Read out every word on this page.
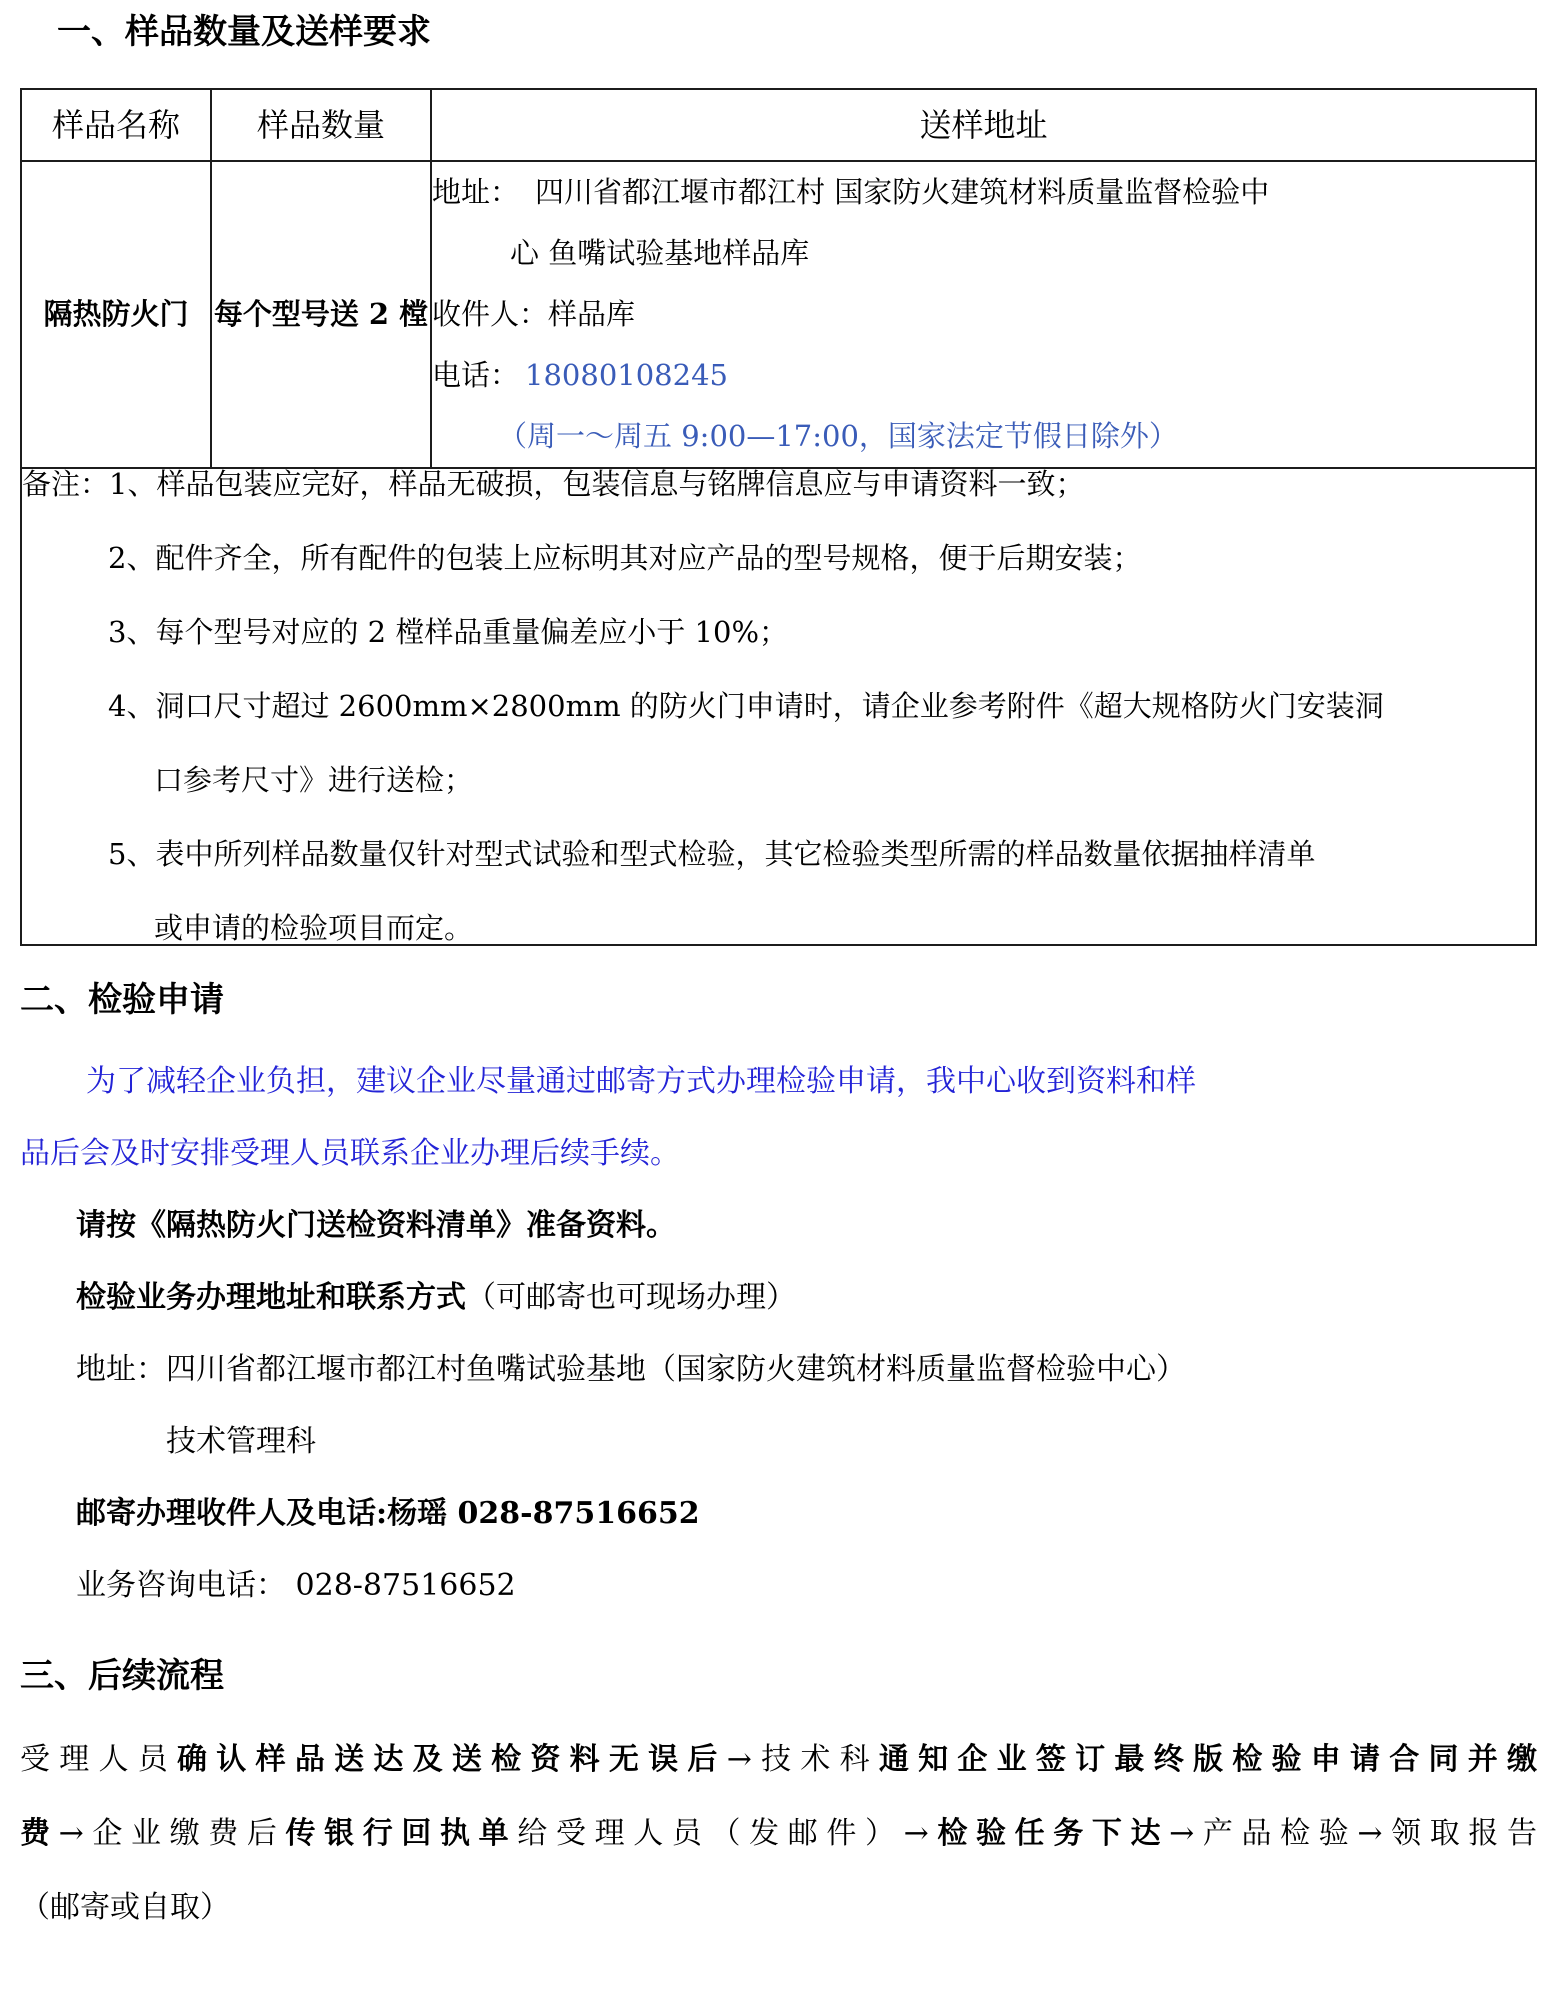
一、样品数量及送样要求
样品名称	样品数量	送样地址
隔热防火门	每个型号送 2 樘	地址： 四川省都江堰市都江村 国家防火建筑材料质量监督检验中
心 鱼嘴试验基地样品库
收件人：样品库
电话： 18080108245
（周一～周五 9:00—17:00，国家法定节假日除外）

备注：1、样品包装应完好，样品无破损，包装信息与铭牌信息应与申请资料一致；
2、配件齐全，所有配件的包装上应标明其对应产品的型号规格，便于后期安装；
3、每个型号对应的 2 樘样品重量偏差应小于 10%；
4、洞口尺寸超过 2600mm×2800mm 的防火门申请时，请企业参考附件《超大规格防火门安装洞
口参考尺寸》进行送检；
5、表中所列样品数量仅针对型式试验和型式检验，其它检验类型所需的样品数量依据抽样清单
或申请的检验项目而定。
二、检验申请
为了减轻企业负担，建议企业尽量通过邮寄方式办理检验申请，我中心收到资料和样
品后会及时安排受理人员联系企业办理后续手续。
请按《隔热防火门送检资料清单》准备资料。
检验业务办理地址和联系方式（可邮寄也可现场办理）
地址：四川省都江堰市都江村鱼嘴试验基地（国家防火建筑材料质量监督检验中心）
技术管理科
邮寄办理收件人及电话:杨瑶 028-87516652
业务咨询电话： 028-87516652
三、后续流程
受理人员确认样品送达及送检资料无误后→技术科通知企业签订最终版检验申请合同并缴
费→企业缴费后传银行回执单给受理人员（发邮件）→检验任务下达→产品检验→领取报告
（邮寄或自取）
